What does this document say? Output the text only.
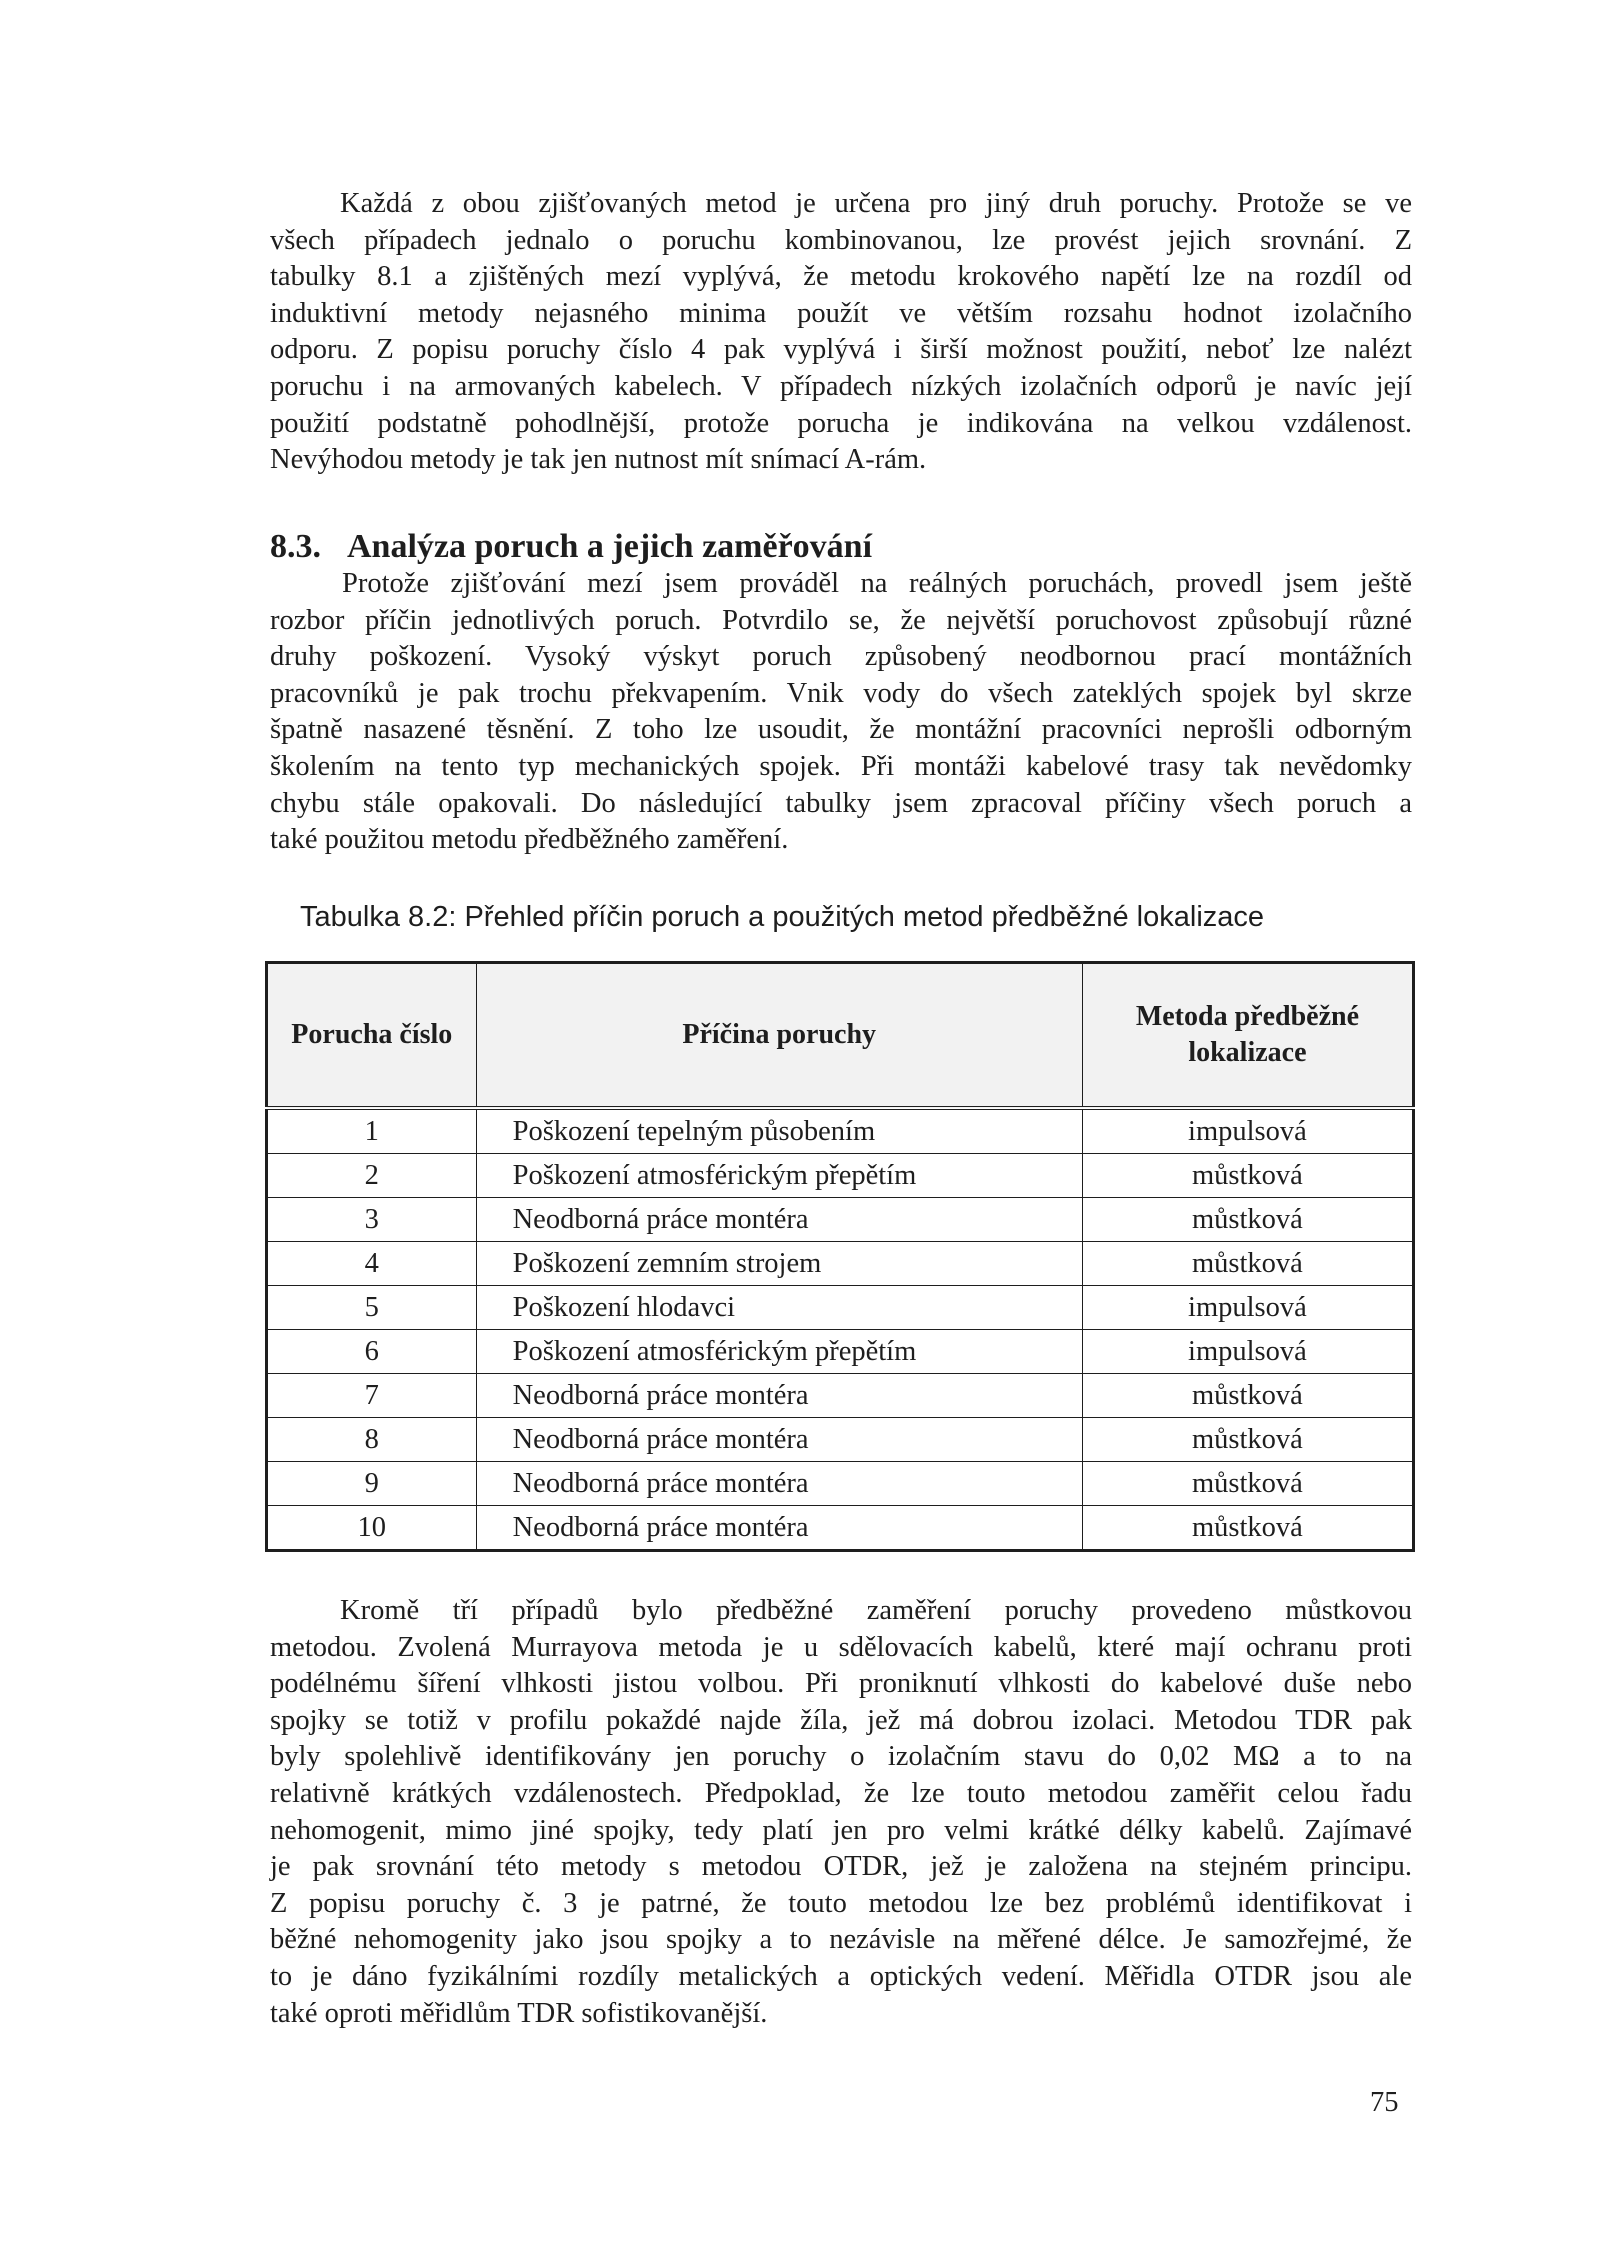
Každá z obou zjišťovaných metod je určena pro jiný druh poruchy. Protože se ve
všech případech jednalo o poruchu kombinovanou, lze provést jejich srovnání. Z
tabulky 8.1 a zjištěných mezí vyplývá, že metodu krokového napětí lze na rozdíl od
induktivní metody nejasného minima použít ve větším rozsahu hodnot izolačního
odporu. Z popisu poruchy číslo 4 pak vyplývá i širší možnost použití, neboť lze nalézt
poruchu i na armovaných kabelech. V případech nízkých izolačních odporů je navíc její
použití podstatně pohodlnější, protože porucha je indikována na velkou vzdálenost.
Nevýhodou metody je tak jen nutnost mít snímací A-rám.
8.3. Analýza poruch a jejich zaměřování
Protože zjišťování mezí jsem prováděl na reálných poruchách, provedl jsem ještě
rozbor příčin jednotlivých poruch. Potvrdilo se, že největší poruchovost způsobují různé
druhy poškození. Vysoký výskyt poruch způsobený neodbornou prací montážních
pracovníků je pak trochu překvapením. Vnik vody do všech zateklých spojek byl skrze
špatně nasazené těsnění. Z toho lze usoudit, že montážní pracovníci neprošli odborným
školením na tento typ mechanických spojek. Při montáži kabelové trasy tak nevědomky
chybu stále opakovali. Do následující tabulky jsem zpracoval příčiny všech poruch a
také použitou metodu předběžného zaměření.

Tabulka 8.2: Přehled příčin poruch a použitých metod předběžné lokalizace

Porucha číslo	Příčina poruchy	Metoda předběžné lokalizace
1	Poškození tepelným působením	impulsová
2	Poškození atmosférickým přepětím	můstková
3	Neodborná práce montéra	můstková
4	Poškození zemním strojem	můstková
5	Poškození hlodavci	impulsová
6	Poškození atmosférickým přepětím	impulsová
7	Neodborná práce montéra	můstková
8	Neodborná práce montéra	můstková
9	Neodborná práce montéra	můstková
10	Neodborná práce montéra	můstková
Kromě tří případů bylo předběžné zaměření poruchy provedeno můstkovou
metodou. Zvolená Murrayova metoda je u sdělovacích kabelů, které mají ochranu proti
podélnému šíření vlhkosti jistou volbou. Při proniknutí vlhkosti do kabelové duše nebo
spojky se totiž v profilu pokaždé najde žíla, jež má dobrou izolaci. Metodou TDR pak
byly spolehlivě identifikovány jen poruchy o izolačním stavu do 0,02 MΩ a to na
relativně krátkých vzdálenostech. Předpoklad, že lze touto metodou zaměřit celou řadu
nehomogenit, mimo jiné spojky, tedy platí jen pro velmi krátké délky kabelů. Zajímavé
je pak srovnání této metody s metodou OTDR, jež je založena na stejném principu.
Z popisu poruchy č. 3 je patrné, že touto metodou lze bez problémů identifikovat i
běžné nehomogenity jako jsou spojky a to nezávisle na měřené délce. Je samozřejmé, že
to je dáno fyzikálními rozdíly metalických a optických vedení. Měřidla OTDR jsou ale
také oproti měřidlům TDR sofistikovanější.

75
